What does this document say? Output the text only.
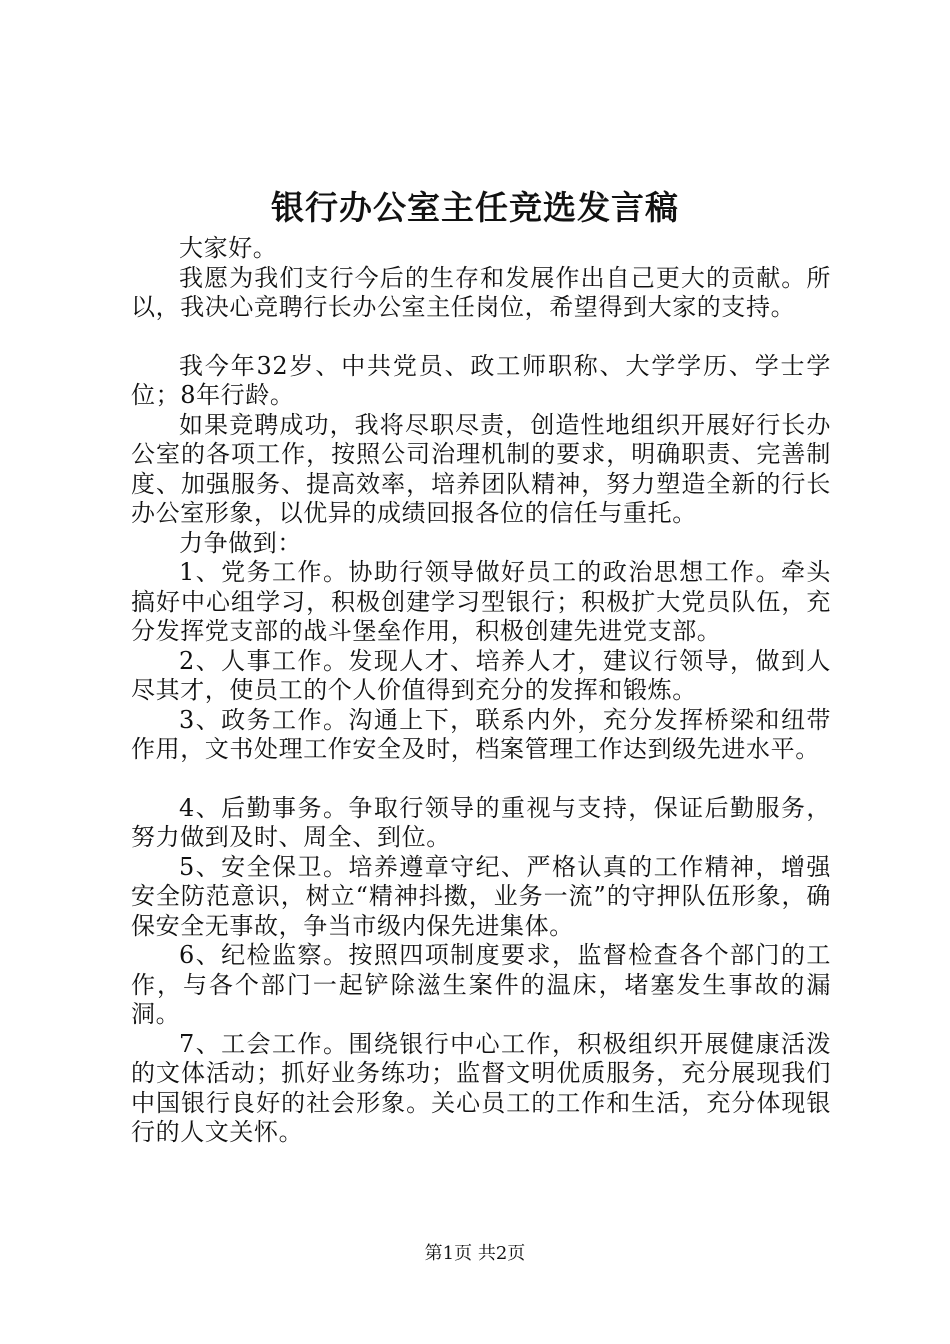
银行办公室主任竞选发言稿

大家好。

我愿为我们支行今后的生存和发展作出自己更大的贡献。所以，我决心竞聘行长办公室主任岗位，希望得到大家的支持。

我今年32岁、中共党员、政工师职称、大学学历、学士学位；8年行龄。

如果竞聘成功，我将尽职尽责，创造性地组织开展好行长办公室的各项工作，按照公司治理机制的要求，明确职责、完善制度、加强服务、提高效率，培养团队精神，努力塑造全新的行长办公室形象，以优异的成绩回报各位的信任与重托。

力争做到：

1、党务工作。协助行领导做好员工的政治思想工作。牵头搞好中心组学习，积极创建学习型银行；积极扩大党员队伍，充分发挥党支部的战斗堡垒作用，积极创建先进党支部。

2、人事工作。发现人才、培养人才，建议行领导，做到人尽其才，使员工的个人价值得到充分的发挥和锻炼。

3、政务工作。沟通上下，联系内外，充分发挥桥梁和纽带作用，文书处理工作安全及时，档案管理工作达到级先进水平。

4、后勤事务。争取行领导的重视与支持，保证后勤服务，努力做到及时、周全、到位。

5、安全保卫。培养遵章守纪、严格认真的工作精神，增强安全防范意识，树立“精神抖擞，业务一流”的守押队伍形象，确保安全无事故，争当市级内保先进集体。

6、纪检监察。按照四项制度要求，监督检查各个部门的工作，与各个部门一起铲除滋生案件的温床，堵塞发生事故的漏洞。

7、工会工作。围绕银行中心工作，积极组织开展健康活泼的文体活动；抓好业务练功；监督文明优质服务，充分展现我们中国银行良好的社会形象。关心员工的工作和生活，充分体现银行的人文关怀。

第1页 共2页
